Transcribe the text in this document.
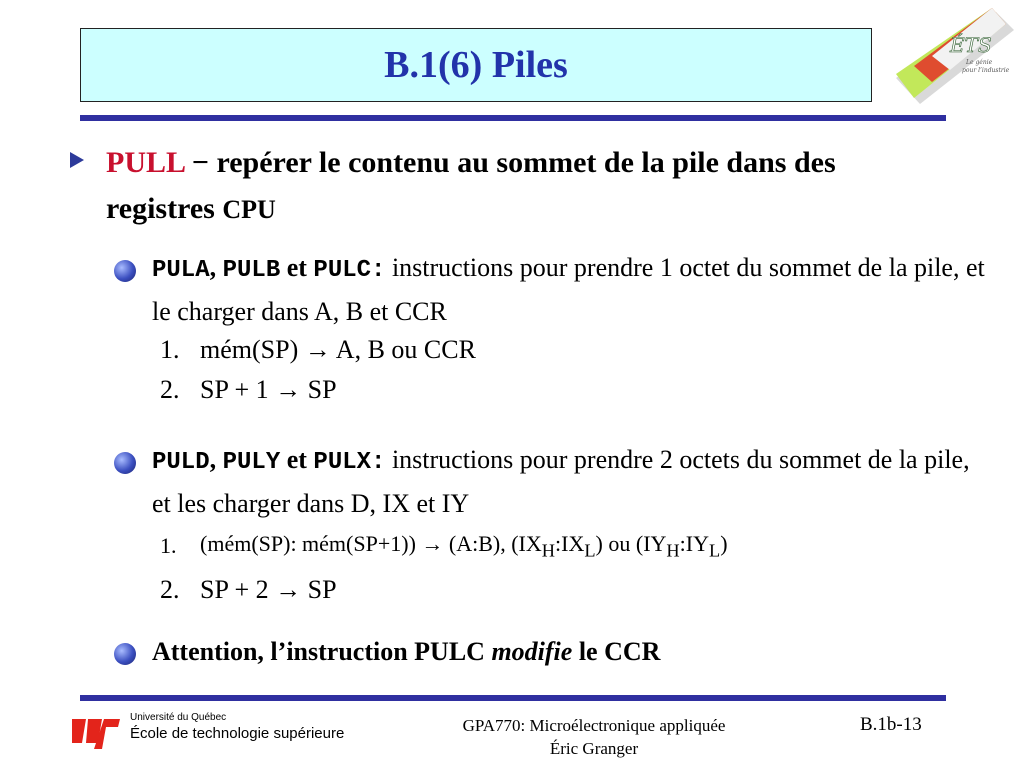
B.1(6) Piles	ÉTS
Le génie
pour l’industrie
PULL − repérer le contenu au sommet de la pile dans des registres CPU
PULA, PULB et PULC: instructions pour prendre 1 octet du sommet de la pile, et le charger dans A, B et CCR
1. mém(SP) → A, B ou CCR
2. SP + 1 → SP
PULD, PULY et PULX: instructions pour prendre 2 octets du sommet de la pile, et les charger dans D, IX et IY
1.	(mém(SP): mém(SP+1)) → (A:B), $(IX_H:IX_L)$ ou $(IY_H:IY_L)$
2. SP + 2 → SP
Attention, l’instruction PULC modifie le CCR
Université du Québec
École de technologie supérieure	GPA770: Microélectronique appliquée
Éric Granger
B.1b-13
